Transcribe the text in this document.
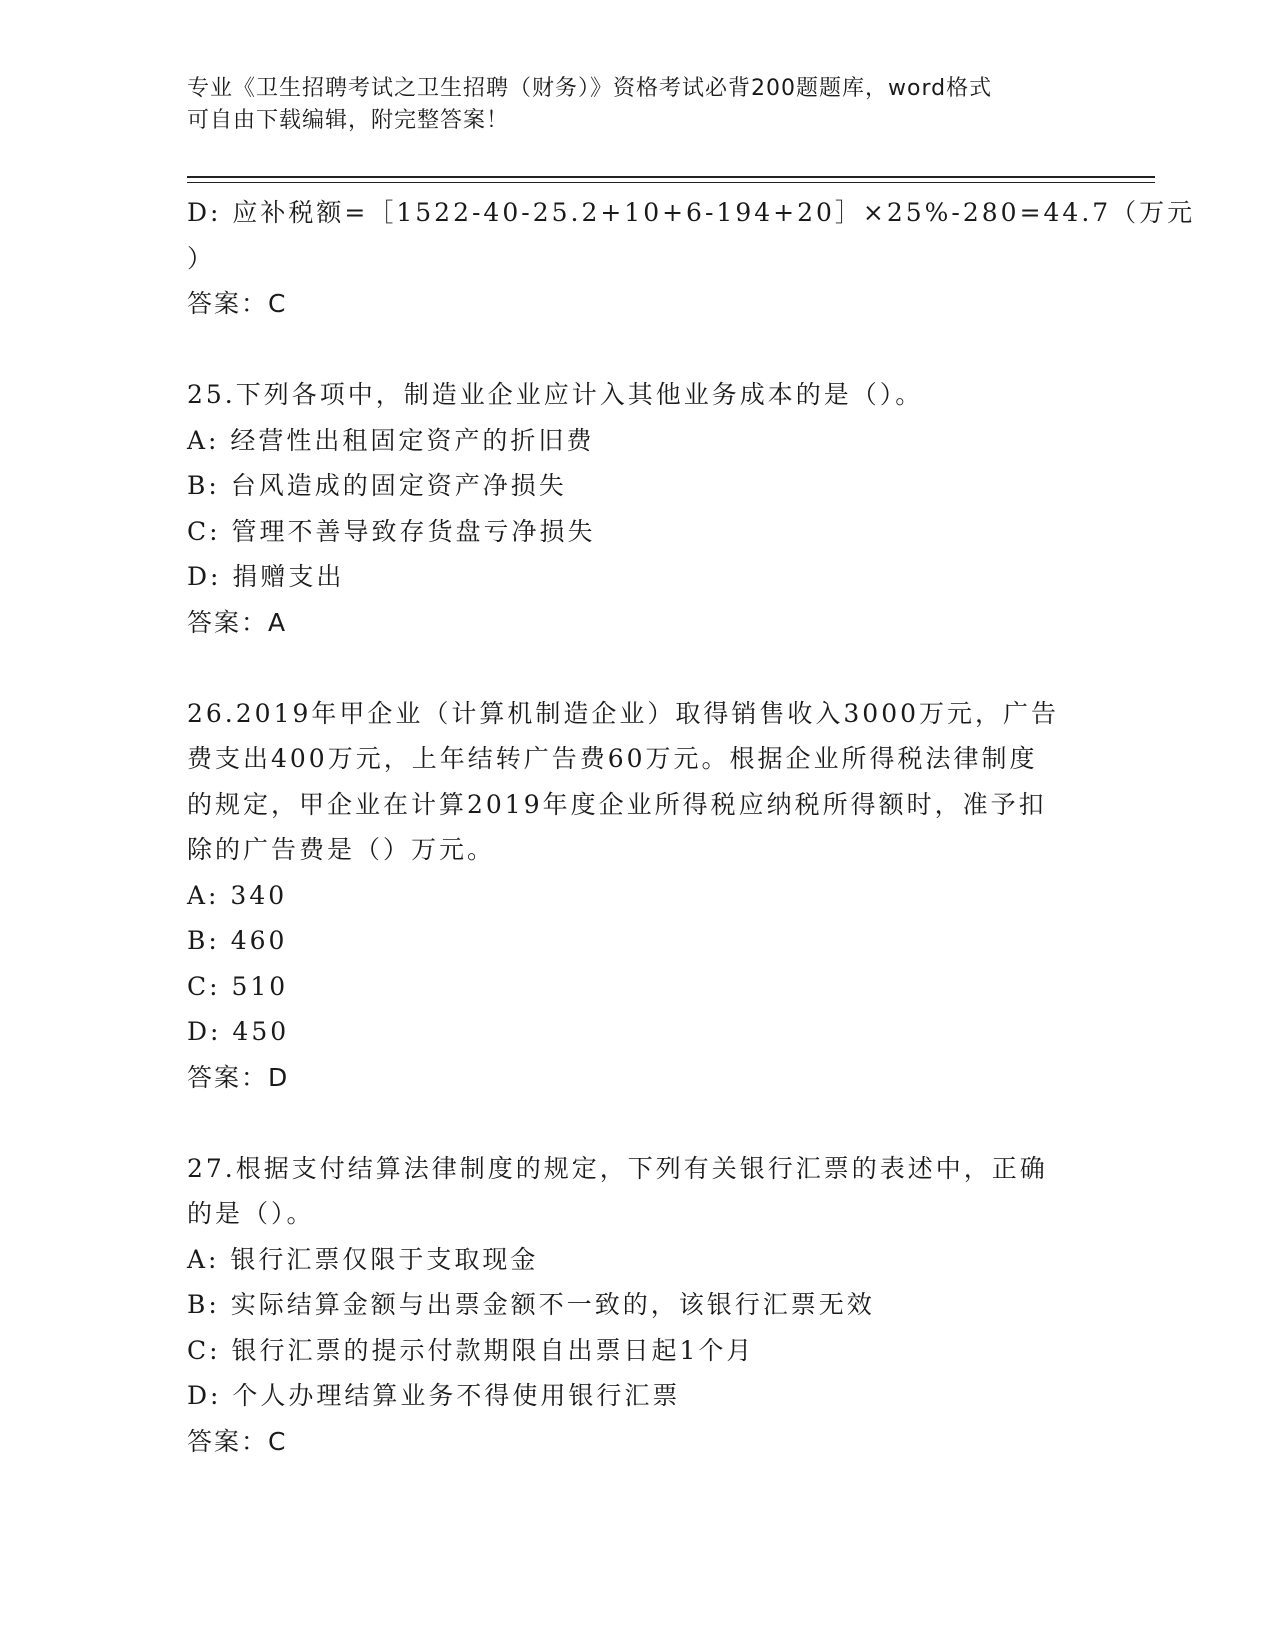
专业《卫生招聘考试之卫生招聘（财务）》资格考试必背200题题库，word格式
可自由下载编辑，附完整答案！
D: 应补税额=［1522-40-25.2+10+6-194+20］×25%-280=44.7（万元
）
答案：C
25.下列各项中，制造业企业应计入其他业务成本的是（）。
A: 经营性出租固定资产的折旧费
B: 台风造成的固定资产净损失
C: 管理不善导致存货盘亏净损失
D: 捐赠支出
答案：A
26.2019年甲企业（计算机制造企业）取得销售收入3000万元，广告
费支出400万元，上年结转广告费60万元。根据企业所得税法律制度
的规定，甲企业在计算2019年度企业所得税应纳税所得额时，准予扣
除的广告费是（）万元。
A: 340
B: 460
C: 510
D: 450
答案：D
27.根据支付结算法律制度的规定，下列有关银行汇票的表述中，正确
的是（）。
A: 银行汇票仅限于支取现金
B: 实际结算金额与出票金额不一致的，该银行汇票无效
C: 银行汇票的提示付款期限自出票日起1个月
D: 个人办理结算业务不得使用银行汇票
答案：C
